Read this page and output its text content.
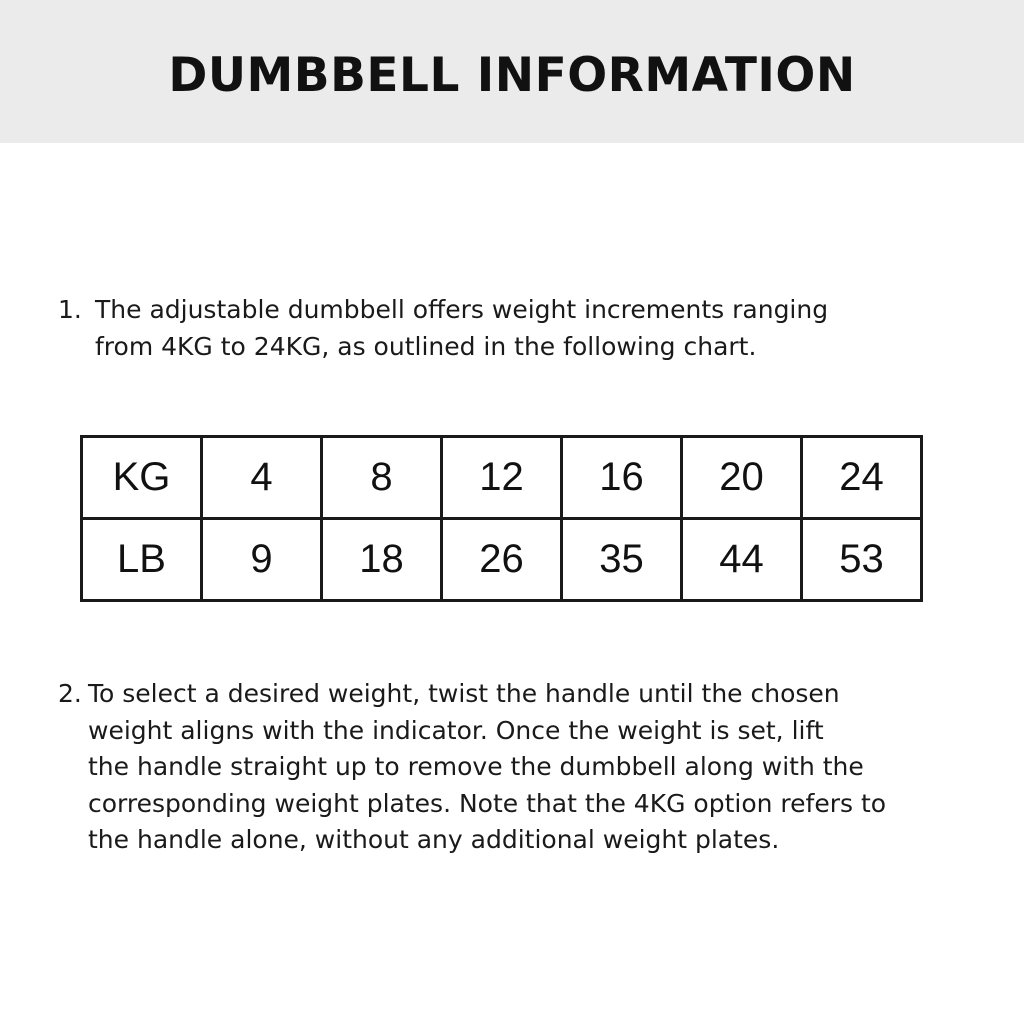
DUMBBELL INFORMATION
1. The adjustable dumbbell offers weight increments ranging
from 4KG to 24KG, as outlined in the following chart.
KG	4	8	12	16	20	24
LB	9	18	26	35	44	53
2. To select a desired weight, twist the handle until the chosen
weight aligns with the indicator. Once the weight is set, lift
the handle straight up to remove the dumbbell along with the
corresponding weight plates. Note that the 4KG option refers to
the handle alone, without any additional weight plates.
